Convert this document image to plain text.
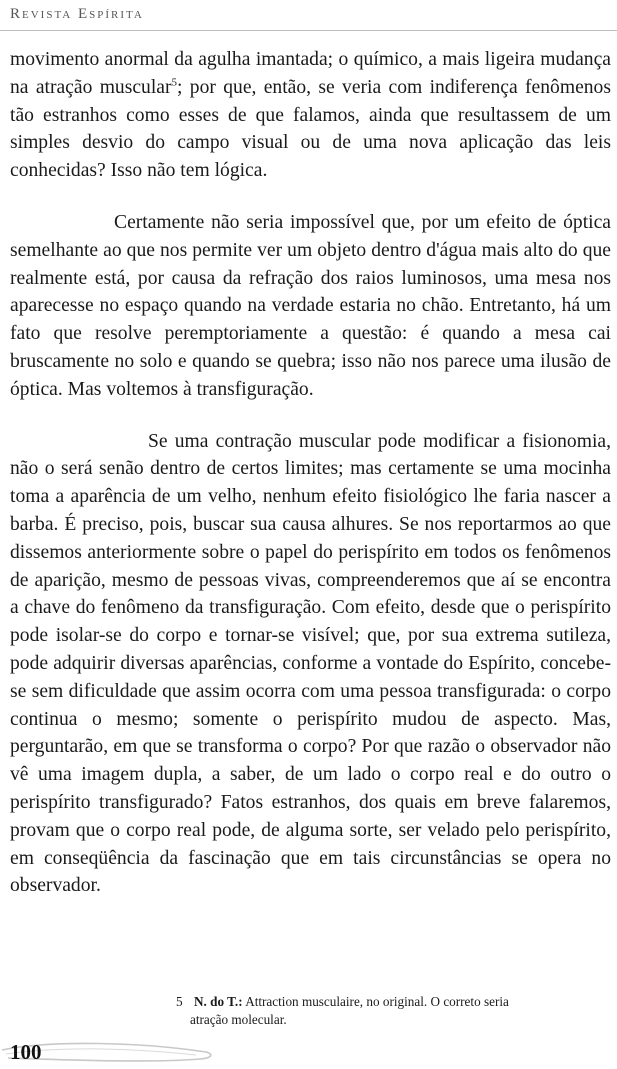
Revista Espírita

movimento anormal da agulha imantada; o químico, a mais ligeira mudança na atração muscular$^5$; por que, então, se veria com indiferença fenômenos tão estranhos como esses de que falamos, ainda que resultassem de um simples desvio do campo visual ou de uma nova aplicação das leis conhecidas? Isso não tem lógica.

Certamente não seria impossível que, por um efeito de óptica semelhante ao que nos permite ver um objeto dentro d'água mais alto do que realmente está, por causa da refração dos raios luminosos, uma mesa nos aparecesse no espaço quando na verdade estaria no chão. Entretanto, há um fato que resolve peremptoriamente a questão: é quando a mesa cai bruscamente no solo e quando se quebra; isso não nos parece uma ilusão de óptica. Mas voltemos à transfiguração.

Se uma contração muscular pode modificar a fisionomia, não o será senão dentro de certos limites; mas certamente se uma mocinha toma a aparência de um velho, nenhum efeito fisiológico lhe faria nascer a barba. É preciso, pois, buscar sua causa alhures. Se nos reportarmos ao que dissemos anteriormente sobre o papel do perispírito em todos os fenômenos de aparição, mesmo de pessoas vivas, compreenderemos que aí se encontra a chave do fenômeno da transfiguração. Com efeito, desde que o perispírito pode isolar-se do corpo e tornar-se visível; que, por sua extrema sutileza, pode adquirir diversas aparências, conforme a vontade do Espírito, concebe-se sem dificuldade que assim ocorra com uma pessoa transfigurada: o corpo continua o mesmo; somente o perispírito mudou de aspecto. Mas, perguntarão, em que se transforma o corpo? Por que razão o observador não vê uma imagem dupla, a saber, de um lado o corpo real e do outro o perispírito transfigurado? Fatos estranhos, dos quais em breve falaremos, provam que o corpo real pode, de alguma sorte, ser velado pelo perispírito, em conseqüência da fascinação que em tais circunstâncias se opera no observador.

5 N. do T.: Attraction musculaire, no original. O correto seria
atração molecular.
100
